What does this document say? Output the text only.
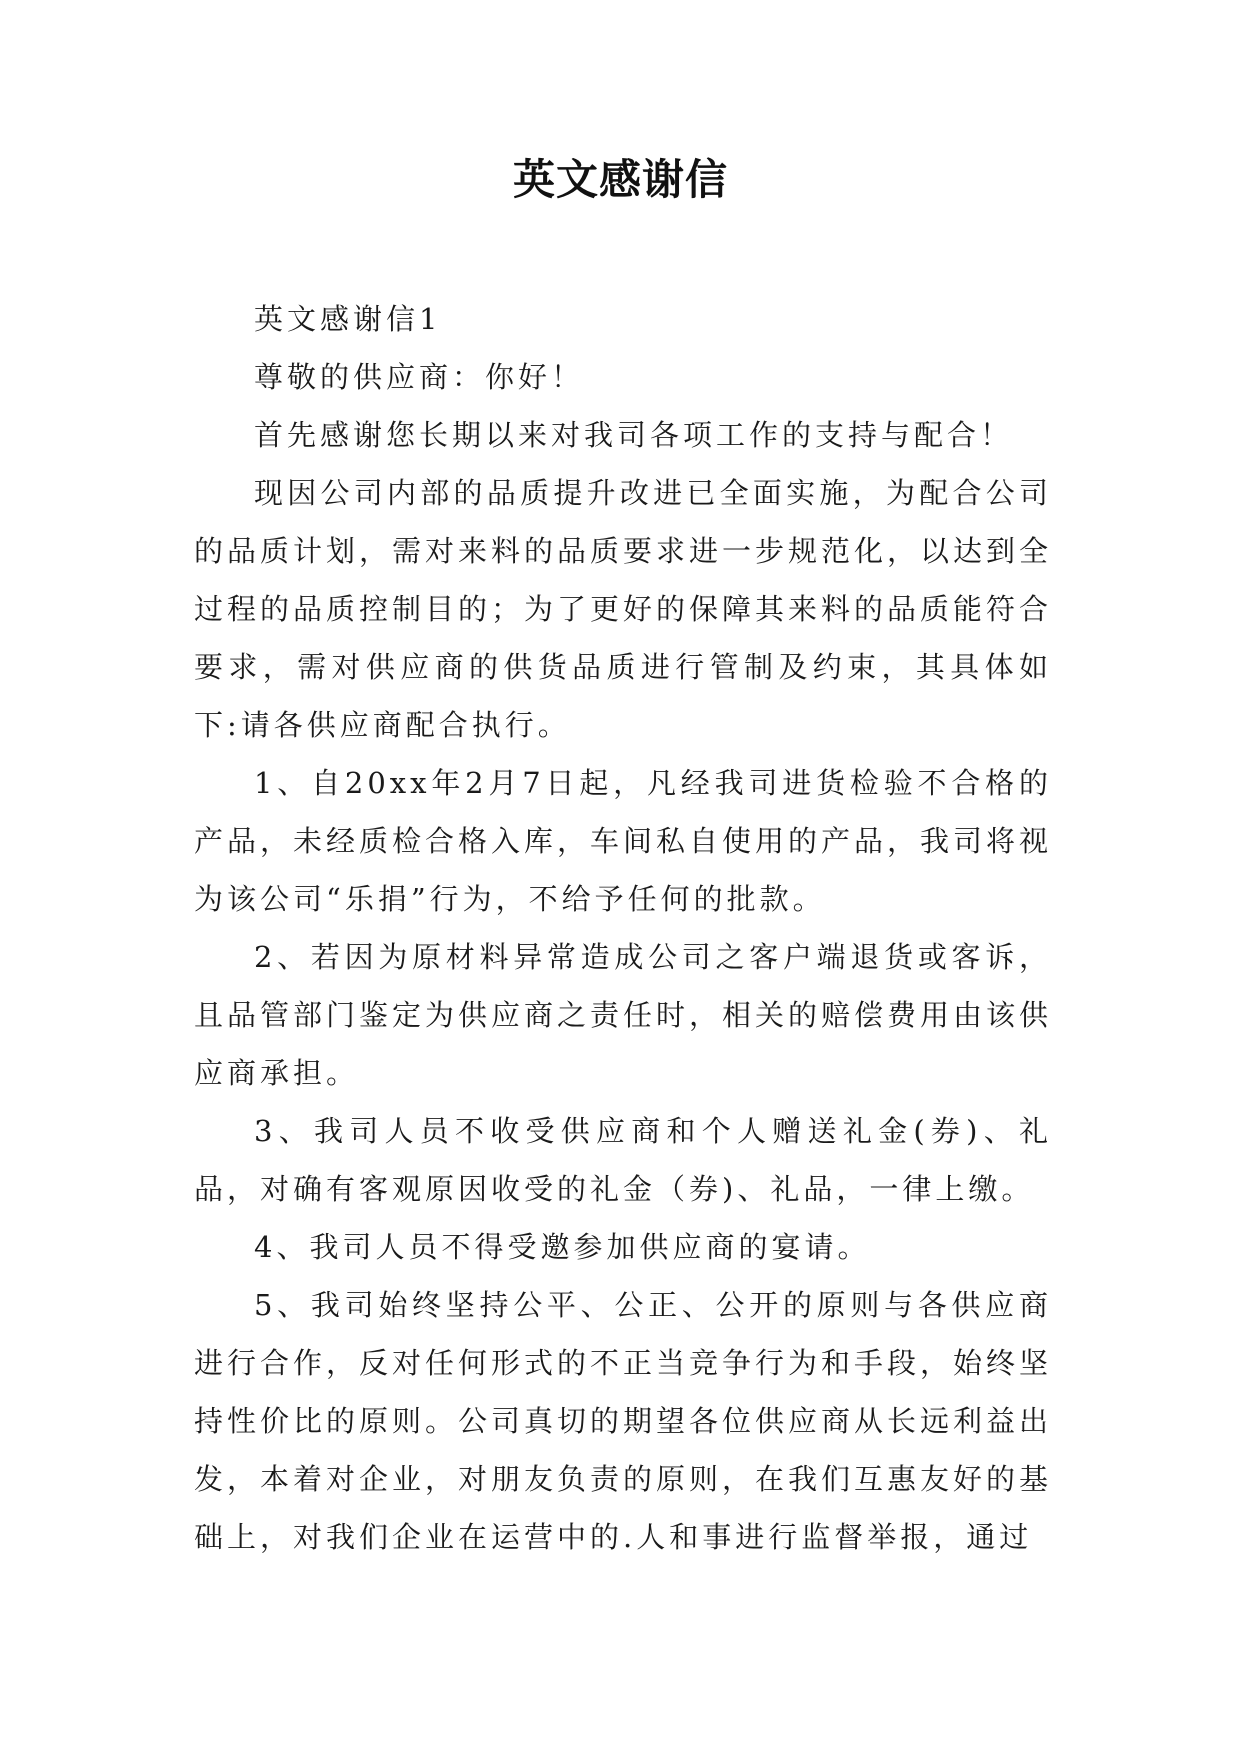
英文感谢信

英文感谢信1

尊敬的供应商：你好！

首先感谢您长期以来对我司各项工作的支持与配合！

现因公司内部的品质提升改进已全面实施，为配合公司的品质计划，需对来料的品质要求进一步规范化，以达到全过程的品质控制目的；为了更好的保障其来料的品质能符合要求，需对供应商的供货品质进行管制及约束，其具体如下:请各供应商配合执行。

1、自20xx年2月7日起，凡经我司进货检验不合格的产品，未经质检合格入库，车间私自使用的产品，我司将视为该公司“乐捐”行为，不给予任何的批款。

2、若因为原材料异常造成公司之客户端退货或客诉，且品管部门鉴定为供应商之责任时，相关的赔偿费用由该供应商承担。

3、我司人员不收受供应商和个人赠送礼金(券)、礼品，对确有客观原因收受的礼金（券)、礼品，一律上缴。

4、我司人员不得受邀参加供应商的宴请。

5、我司始终坚持公平、公正、公开的原则与各供应商进行合作，反对任何形式的不正当竞争行为和手段，始终坚持性价比的原则。公司真切的期望各位供应商从长远利益出发，本着对企业，对朋友负责的原则，在我们互惠友好的基础上，对我们企业在运营中的.人和事进行监督举报，通过
